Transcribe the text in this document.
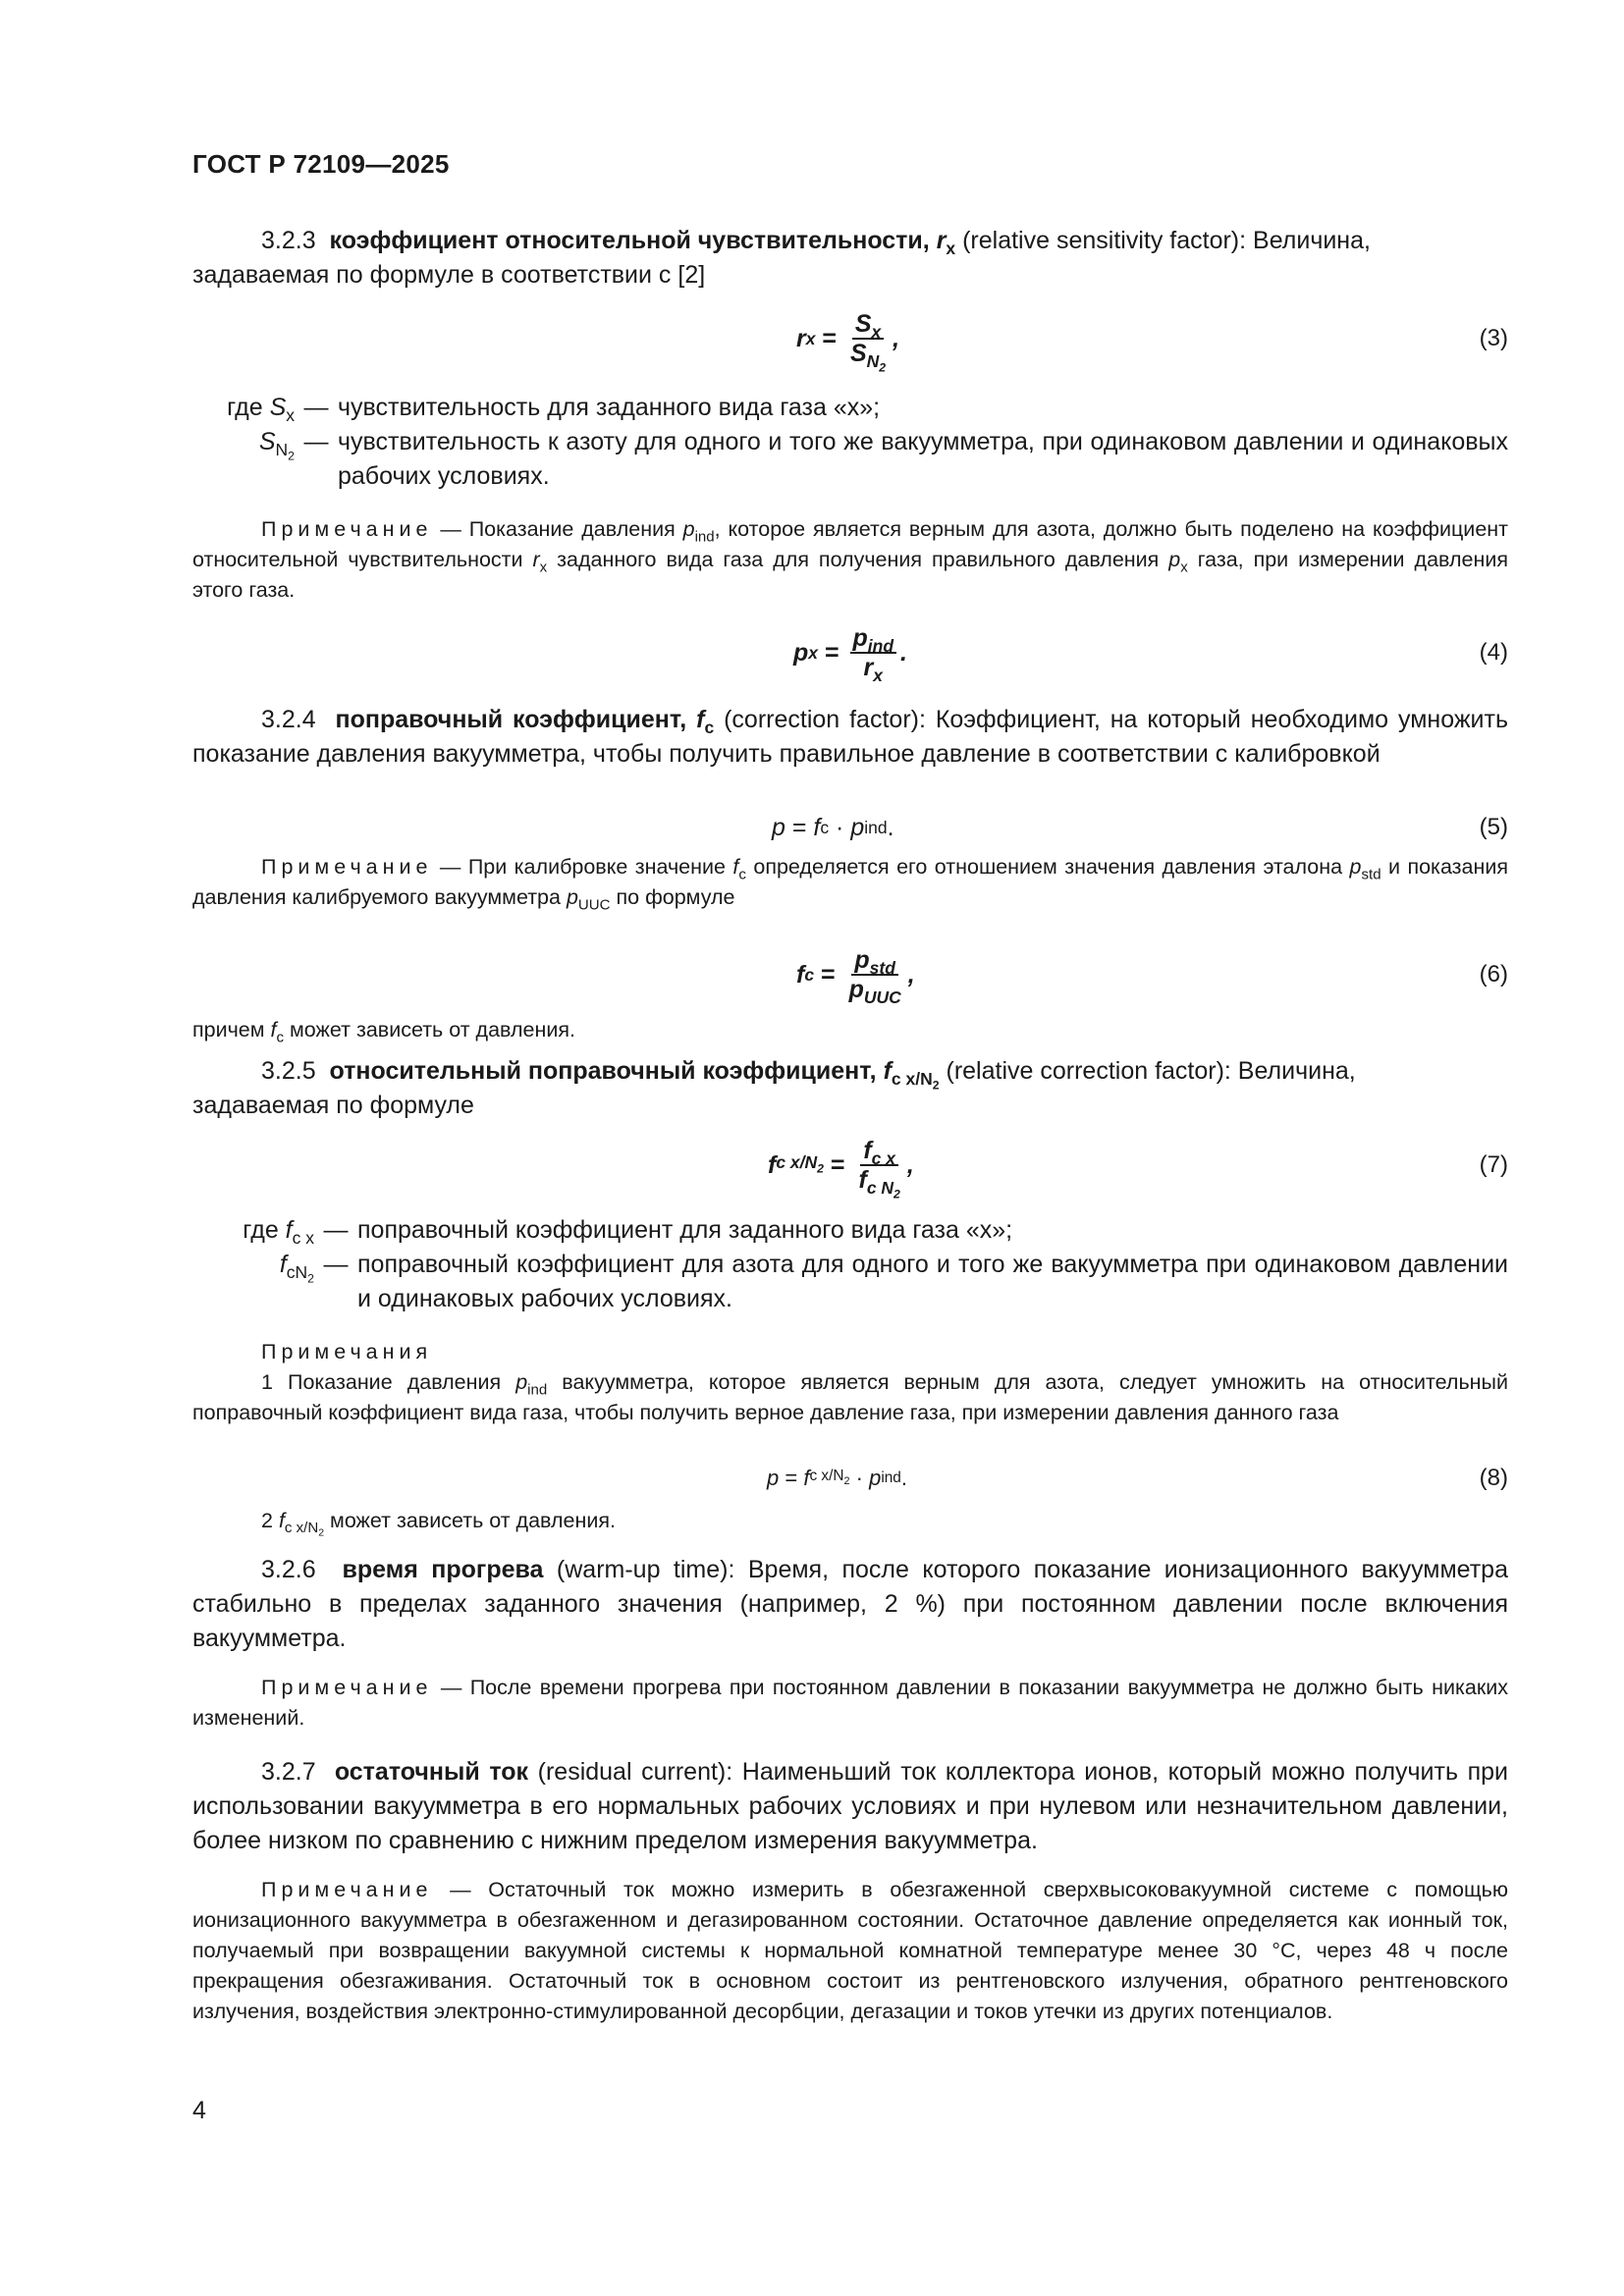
ГОСТ Р 72109—2025
3.2.3 коэффициент относительной чувствительности, $r_x$ (relative sensitivity factor): Величина,
задаваемая по формуле в соответствии с [2]
r $x = \frac{S_x}{S_{N_2}}$ ,	(3)
где $S_x$ — чувствительность для заданного вида газа «x»;
$S_{N_2}$
— чувствительность к азоту для одного и того же вакуумметра, при одинаковом давлении и одинаковых рабочих условиях.
Примечание — Показание давления $p_{ind}$, которое является верным для азота, должно быть поделено на коэффициент относительной чувствительности $r_x$ заданного вида газа для получения правильного давления $p_x$ газа, при измерении давления этого газа.
p $x = \frac{p_{ind}}{r_x}$ .	(4)
3.2.4 поправочный коэффициент, $f_c$ (correction factor): Коэффициент, на который необходимо умножить показание давления вакуумметра, чтобы получить правильное давление в соответствии с калибровкой
p = f c · p ind .	(5)
Примечание — При калибровке значение $f_c$ определяется его отношением значения давления эталона $p_{std}$ и показания давления калибруемого вакуумметра $p_{UUC}$ по формуле
f $c = \frac{p_{std}}{p_{UUC}}$ ,	(6)
причем $f_c$ может зависеть от давления.
3.2.5 относительный поправочный коэффициент, $f_{c x/N_2}$ (relative correction factor): Величина,
задаваемая по формуле
f c $x/N_2 = \frac{f_{c x}}{f_{c N_2}}$ ,	(7)
где $f_{c x}$ — поправочный коэффициент для заданного вида газа «x»;
$f_{cN_2}$
— поправочный коэффициент для азота для одного и того же вакуумметра при одинаковом давлении и одинаковых рабочих условиях.
Примечания
1 Показание давления $p_{ind}$ вакуумметра, которое является верным для азота, следует умножить на относительный поправочный коэффициент вида газа, чтобы получить верное давление газа, при измерении давления данного газа
p = f c $x/N_2 \cdot p$ ind .	(8)
2 $f_{c x/N_2}$ может зависеть от давления.
3.2.6 время прогрева (warm-up time): Время, после которого показание ионизационного вакуумметра стабильно в пределах заданного значения (например, 2 %) при постоянном давлении после включения вакуумметра.
Примечание — После времени прогрева при постоянном давлении в показании вакуумметра не должно быть никаких изменений.
3.2.7 остаточный ток (residual current): Наименьший ток коллектора ионов, который можно получить при использовании вакуумметра в его нормальных рабочих условиях и при нулевом или незначительном давлении, более низком по сравнению с нижним пределом измерения вакуумметра.
Примечание — Остаточный ток можно измерить в обезгаженной сверхвысоковакуумной системе с помощью ионизационного вакуумметра в обезгаженном и дегазированном состоянии. Остаточное давление определяется как ионный ток, получаемый при возвращении вакуумной системы к нормальной комнатной температуре менее 30 °С, через 48 ч после прекращения обезгаживания. Остаточный ток в основном состоит из рентгеновского излучения, обратного рентгеновского излучения, воздействия электронно-стимулированной десорбции, дегазации и токов утечки из других потенциалов.
4
